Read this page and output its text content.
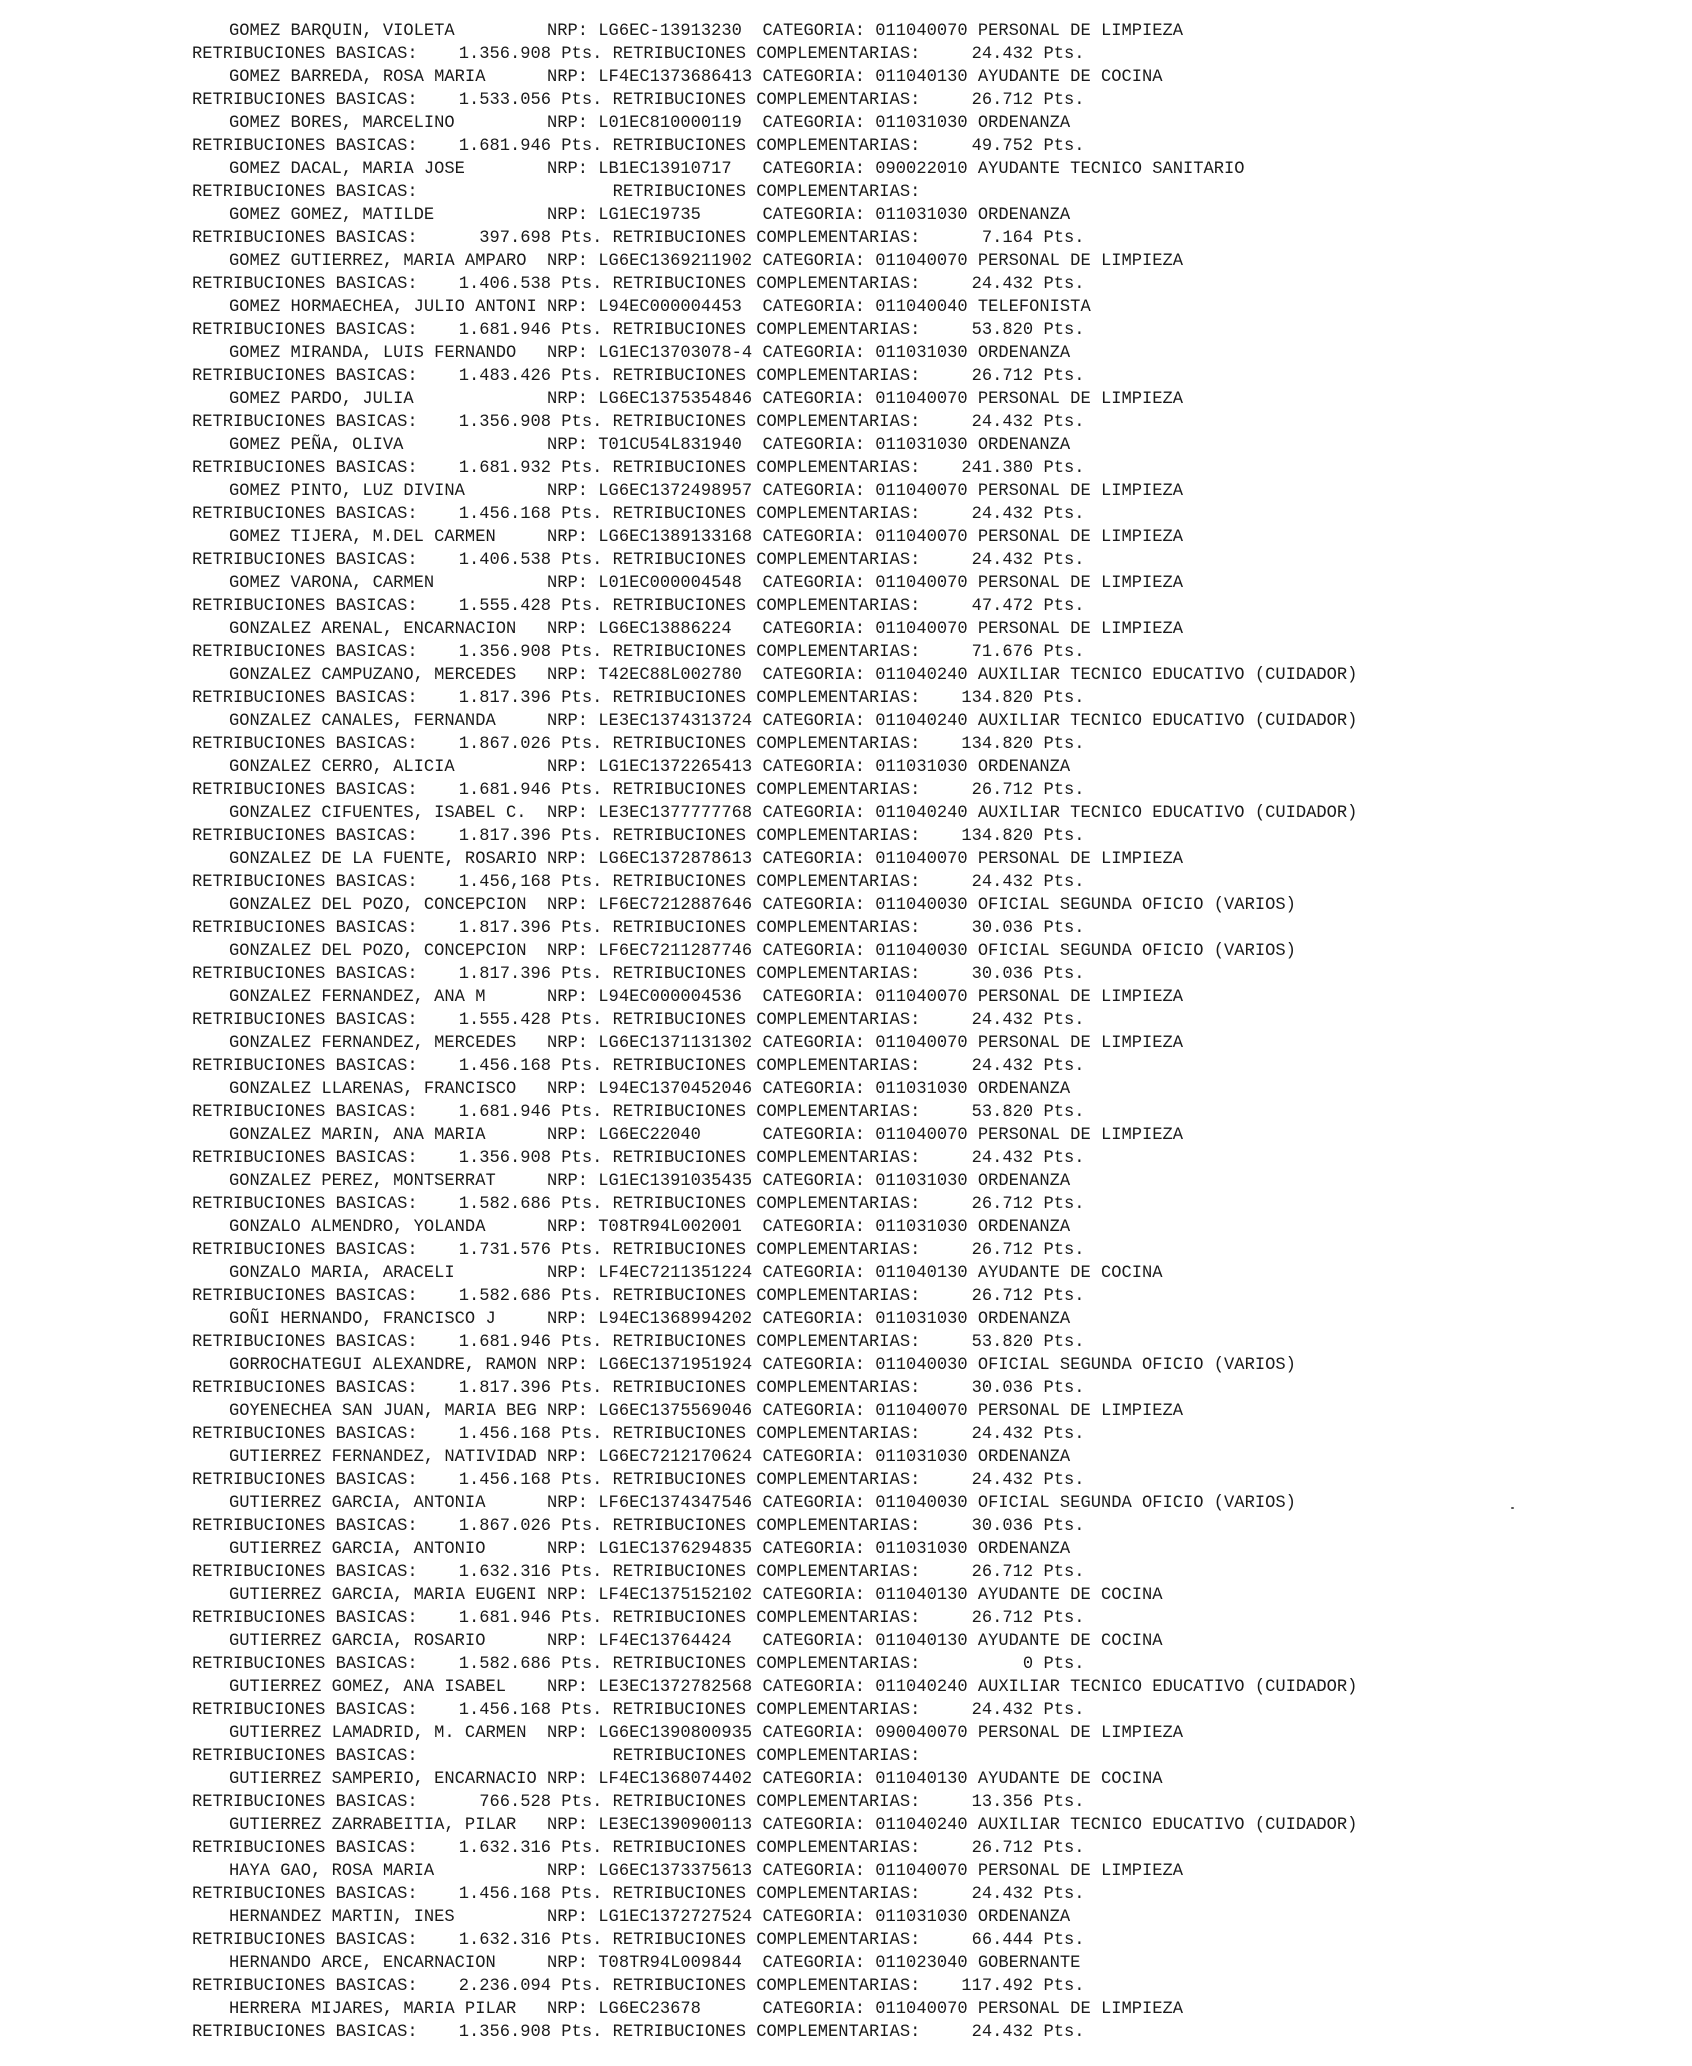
GOMEZ BARQUIN, VIOLETA         NRP: LG6EC-13913230  CATEGORIA: 011040070 PERSONAL DE LIMPIEZA
RETRIBUCIONES BASICAS:    1.356.908 Pts. RETRIBUCIONES COMPLEMENTARIAS:     24.432 Pts.
GOMEZ BARREDA, ROSA MARIA      NRP: LF4EC1373686413 CATEGORIA: 011040130 AYUDANTE DE COCINA
RETRIBUCIONES BASICAS:    1.533.056 Pts. RETRIBUCIONES COMPLEMENTARIAS:     26.712 Pts.
GOMEZ BORES, MARCELINO         NRP: L01EC810000119  CATEGORIA: 011031030 ORDENANZA
RETRIBUCIONES BASICAS:    1.681.946 Pts. RETRIBUCIONES COMPLEMENTARIAS:     49.752 Pts.
GOMEZ DACAL, MARIA JOSE        NRP: LB1EC13910717   CATEGORIA: 090022010 AYUDANTE TECNICO SANITARIO
RETRIBUCIONES BASICAS:	RETRIBUCIONES COMPLEMENTARIAS:
GOMEZ GOMEZ, MATILDE           NRP: LG1EC19735      CATEGORIA: 011031030 ORDENANZA
RETRIBUCIONES BASICAS:      397.698 Pts. RETRIBUCIONES COMPLEMENTARIAS:      7.164 Pts.
GOMEZ GUTIERREZ, MARIA AMPARO  NRP: LG6EC1369211902 CATEGORIA: 011040070 PERSONAL DE LIMPIEZA
RETRIBUCIONES BASICAS:    1.406.538 Pts. RETRIBUCIONES COMPLEMENTARIAS:     24.432 Pts.
GOMEZ HORMAECHEA, JULIO ANTONI NRP: L94EC000004453  CATEGORIA: 011040040 TELEFONISTA
RETRIBUCIONES BASICAS:    1.681.946 Pts. RETRIBUCIONES COMPLEMENTARIAS:     53.820 Pts.
GOMEZ MIRANDA, LUIS FERNANDO   NRP: LG1EC13703078-4 CATEGORIA: 011031030 ORDENANZA
RETRIBUCIONES BASICAS:    1.483.426 Pts. RETRIBUCIONES COMPLEMENTARIAS:     26.712 Pts.
GOMEZ PARDO, JULIA             NRP: LG6EC1375354846 CATEGORIA: 011040070 PERSONAL DE LIMPIEZA
RETRIBUCIONES BASICAS:    1.356.908 Pts. RETRIBUCIONES COMPLEMENTARIAS:     24.432 Pts.
GOMEZ PEÑA, OLIVA              NRP: T01CU54L831940  CATEGORIA: 011031030 ORDENANZA
RETRIBUCIONES BASICAS:    1.681.932 Pts. RETRIBUCIONES COMPLEMENTARIAS:    241.380 Pts.
GOMEZ PINTO, LUZ DIVINA        NRP: LG6EC1372498957 CATEGORIA: 011040070 PERSONAL DE LIMPIEZA
RETRIBUCIONES BASICAS:    1.456.168 Pts. RETRIBUCIONES COMPLEMENTARIAS:     24.432 Pts.
GOMEZ TIJERA, M.DEL CARMEN     NRP: LG6EC1389133168 CATEGORIA: 011040070 PERSONAL DE LIMPIEZA
RETRIBUCIONES BASICAS:    1.406.538 Pts. RETRIBUCIONES COMPLEMENTARIAS:     24.432 Pts.
GOMEZ VARONA, CARMEN           NRP: L01EC000004548  CATEGORIA: 011040070 PERSONAL DE LIMPIEZA
RETRIBUCIONES BASICAS:    1.555.428 Pts. RETRIBUCIONES COMPLEMENTARIAS:     47.472 Pts.
GONZALEZ ARENAL, ENCARNACION   NRP: LG6EC13886224   CATEGORIA: 011040070 PERSONAL DE LIMPIEZA
RETRIBUCIONES BASICAS:    1.356.908 Pts. RETRIBUCIONES COMPLEMENTARIAS:     71.676 Pts.
GONZALEZ CAMPUZANO, MERCEDES   NRP: T42EC88L002780  CATEGORIA: 011040240 AUXILIAR TECNICO EDUCATIVO (CUIDADOR)
RETRIBUCIONES BASICAS:    1.817.396 Pts. RETRIBUCIONES COMPLEMENTARIAS:    134.820 Pts.
GONZALEZ CANALES, FERNANDA     NRP: LE3EC1374313724 CATEGORIA: 011040240 AUXILIAR TECNICO EDUCATIVO (CUIDADOR)
RETRIBUCIONES BASICAS:    1.867.026 Pts. RETRIBUCIONES COMPLEMENTARIAS:    134.820 Pts.
GONZALEZ CERRO, ALICIA         NRP: LG1EC1372265413 CATEGORIA: 011031030 ORDENANZA
RETRIBUCIONES BASICAS:    1.681.946 Pts. RETRIBUCIONES COMPLEMENTARIAS:     26.712 Pts.
GONZALEZ CIFUENTES, ISABEL C.  NRP: LE3EC1377777768 CATEGORIA: 011040240 AUXILIAR TECNICO EDUCATIVO (CUIDADOR)
RETRIBUCIONES BASICAS:    1.817.396 Pts. RETRIBUCIONES COMPLEMENTARIAS:    134.820 Pts.
GONZALEZ DE LA FUENTE, ROSARIO NRP: LG6EC1372878613 CATEGORIA: 011040070 PERSONAL DE LIMPIEZA
RETRIBUCIONES BASICAS:    1.456,168 Pts. RETRIBUCIONES COMPLEMENTARIAS:     24.432 Pts.
GONZALEZ DEL POZO, CONCEPCION  NRP: LF6EC7212887646 CATEGORIA: 011040030 OFICIAL SEGUNDA OFICIO (VARIOS)
RETRIBUCIONES BASICAS:    1.817.396 Pts. RETRIBUCIONES COMPLEMENTARIAS:     30.036 Pts.
GONZALEZ DEL POZO, CONCEPCION  NRP: LF6EC7211287746 CATEGORIA: 011040030 OFICIAL SEGUNDA OFICIO (VARIOS)
RETRIBUCIONES BASICAS:    1.817.396 Pts. RETRIBUCIONES COMPLEMENTARIAS:     30.036 Pts.
GONZALEZ FERNANDEZ, ANA M      NRP: L94EC000004536  CATEGORIA: 011040070 PERSONAL DE LIMPIEZA
RETRIBUCIONES BASICAS:    1.555.428 Pts. RETRIBUCIONES COMPLEMENTARIAS:     24.432 Pts.
GONZALEZ FERNANDEZ, MERCEDES   NRP: LG6EC1371131302 CATEGORIA: 011040070 PERSONAL DE LIMPIEZA
RETRIBUCIONES BASICAS:    1.456.168 Pts. RETRIBUCIONES COMPLEMENTARIAS:     24.432 Pts.
GONZALEZ LLARENAS, FRANCISCO   NRP: L94EC1370452046 CATEGORIA: 011031030 ORDENANZA
RETRIBUCIONES BASICAS:    1.681.946 Pts. RETRIBUCIONES COMPLEMENTARIAS:     53.820 Pts.
GONZALEZ MARIN, ANA MARIA      NRP: LG6EC22040      CATEGORIA: 011040070 PERSONAL DE LIMPIEZA
RETRIBUCIONES BASICAS:    1.356.908 Pts. RETRIBUCIONES COMPLEMENTARIAS:     24.432 Pts.
GONZALEZ PEREZ, MONTSERRAT     NRP: LG1EC1391035435 CATEGORIA: 011031030 ORDENANZA
RETRIBUCIONES BASICAS:    1.582.686 Pts. RETRIBUCIONES COMPLEMENTARIAS:     26.712 Pts.
GONZALO ALMENDRO, YOLANDA      NRP: T08TR94L002001  CATEGORIA: 011031030 ORDENANZA
RETRIBUCIONES BASICAS:    1.731.576 Pts. RETRIBUCIONES COMPLEMENTARIAS:     26.712 Pts.
GONZALO MARIA, ARACELI         NRP: LF4EC7211351224 CATEGORIA: 011040130 AYUDANTE DE COCINA
RETRIBUCIONES BASICAS:    1.582.686 Pts. RETRIBUCIONES COMPLEMENTARIAS:     26.712 Pts.
GOÑI HERNANDO, FRANCISCO J     NRP: L94EC1368994202 CATEGORIA: 011031030 ORDENANZA
RETRIBUCIONES BASICAS:    1.681.946 Pts. RETRIBUCIONES COMPLEMENTARIAS:     53.820 Pts.
GORROCHATEGUI ALEXANDRE, RAMON NRP: LG6EC1371951924 CATEGORIA: 011040030 OFICIAL SEGUNDA OFICIO (VARIOS)
RETRIBUCIONES BASICAS:    1.817.396 Pts. RETRIBUCIONES COMPLEMENTARIAS:     30.036 Pts.
GOYENECHEA SAN JUAN, MARIA BEG NRP: LG6EC1375569046 CATEGORIA: 011040070 PERSONAL DE LIMPIEZA
RETRIBUCIONES BASICAS:    1.456.168 Pts. RETRIBUCIONES COMPLEMENTARIAS:     24.432 Pts.
GUTIERREZ FERNANDEZ, NATIVIDAD NRP: LG6EC7212170624 CATEGORIA: 011031030 ORDENANZA
RETRIBUCIONES BASICAS:    1.456.168 Pts. RETRIBUCIONES COMPLEMENTARIAS:     24.432 Pts.
GUTIERREZ GARCIA, ANTONIA      NRP: LF6EC1374347546 CATEGORIA: 011040030 OFICIAL SEGUNDA OFICIO (VARIOS)
RETRIBUCIONES BASICAS:    1.867.026 Pts. RETRIBUCIONES COMPLEMENTARIAS:     30.036 Pts.
GUTIERREZ GARCIA, ANTONIO      NRP: LG1EC1376294835 CATEGORIA: 011031030 ORDENANZA
RETRIBUCIONES BASICAS:    1.632.316 Pts. RETRIBUCIONES COMPLEMENTARIAS:     26.712 Pts.
GUTIERREZ GARCIA, MARIA EUGENI NRP: LF4EC1375152102 CATEGORIA: 011040130 AYUDANTE DE COCINA
RETRIBUCIONES BASICAS:    1.681.946 Pts. RETRIBUCIONES COMPLEMENTARIAS:     26.712 Pts.
GUTIERREZ GARCIA, ROSARIO      NRP: LF4EC13764424   CATEGORIA: 011040130 AYUDANTE DE COCINA
RETRIBUCIONES BASICAS:    1.582.686 Pts. RETRIBUCIONES COMPLEMENTARIAS:          0 Pts.
GUTIERREZ GOMEZ, ANA ISABEL    NRP: LE3EC1372782568 CATEGORIA: 011040240 AUXILIAR TECNICO EDUCATIVO (CUIDADOR)
RETRIBUCIONES BASICAS:    1.456.168 Pts. RETRIBUCIONES COMPLEMENTARIAS:     24.432 Pts.
GUTIERREZ LAMADRID, M. CARMEN  NRP: LG6EC1390800935 CATEGORIA: 090040070 PERSONAL DE LIMPIEZA
RETRIBUCIONES BASICAS:	RETRIBUCIONES COMPLEMENTARIAS:
GUTIERREZ SAMPERIO, ENCARNACIO NRP: LF4EC1368074402 CATEGORIA: 011040130 AYUDANTE DE COCINA
RETRIBUCIONES BASICAS:      766.528 Pts. RETRIBUCIONES COMPLEMENTARIAS:     13.356 Pts.
GUTIERREZ ZARRABEITIA, PILAR   NRP: LE3EC1390900113 CATEGORIA: 011040240 AUXILIAR TECNICO EDUCATIVO (CUIDADOR)
RETRIBUCIONES BASICAS:    1.632.316 Pts. RETRIBUCIONES COMPLEMENTARIAS:     26.712 Pts.
HAYA GAO, ROSA MARIA           NRP: LG6EC1373375613 CATEGORIA: 011040070 PERSONAL DE LIMPIEZA
RETRIBUCIONES BASICAS:    1.456.168 Pts. RETRIBUCIONES COMPLEMENTARIAS:     24.432 Pts.
HERNANDEZ MARTIN, INES         NRP: LG1EC1372727524 CATEGORIA: 011031030 ORDENANZA
RETRIBUCIONES BASICAS:    1.632.316 Pts. RETRIBUCIONES COMPLEMENTARIAS:     66.444 Pts.
HERNANDO ARCE, ENCARNACION     NRP: T08TR94L009844  CATEGORIA: 011023040 GOBERNANTE
RETRIBUCIONES BASICAS:    2.236.094 Pts. RETRIBUCIONES COMPLEMENTARIAS:    117.492 Pts.
HERRERA MIJARES, MARIA PILAR   NRP: LG6EC23678      CATEGORIA: 011040070 PERSONAL DE LIMPIEZA
RETRIBUCIONES BASICAS:    1.356.908 Pts. RETRIBUCIONES COMPLEMENTARIAS:     24.432 Pts.
